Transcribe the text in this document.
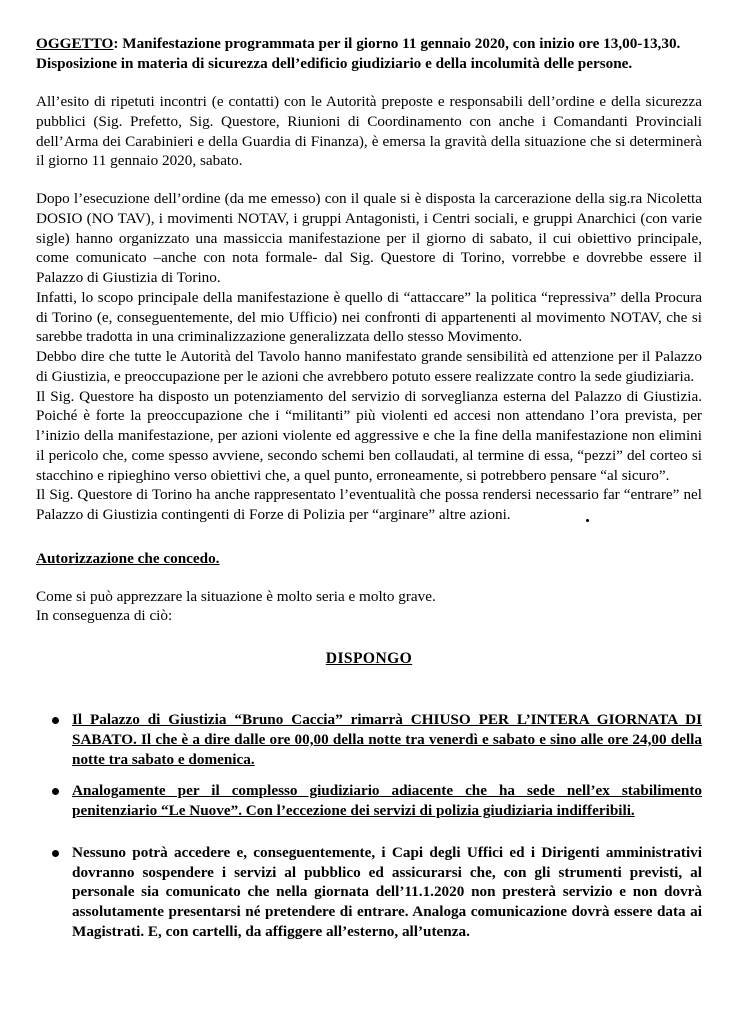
OGGETTO: Manifestazione programmata per il giorno 11 gennaio 2020, con inizio ore 13,00-13,30.
Disposizione in materia di sicurezza dell’edificio giudiziario e della incolumità delle persone.

All’esito di ripetuti incontri (e contatti) con le Autorità preposte e responsabili dell’ordine e della sicurezza pubblici (Sig. Prefetto, Sig. Questore, Riunioni di Coordinamento con anche i Comandanti Provinciali dell’Arma dei Carabinieri e della Guardia di Finanza), è emersa la gravità della situazione che si determinerà il giorno 11 gennaio 2020, sabato.

Dopo l’esecuzione dell’ordine (da me emesso) con il quale si è disposta la carcerazione della sig.ra Nicoletta DOSIO (NO TAV), i movimenti NOTAV, i gruppi Antagonisti, i Centri sociali, e gruppi Anarchici (con varie sigle) hanno organizzato una massiccia manifestazione per il giorno di sabato, il cui obiettivo principale, come comunicato –anche con nota formale- dal Sig. Questore di Torino, vorrebbe e dovrebbe essere il Palazzo di Giustizia di Torino.

Infatti, lo scopo principale della manifestazione è quello di “attaccare” la politica “repressiva” della Procura di Torino (e, conseguentemente, del mio Ufficio) nei confronti di appartenenti al movimento NOTAV, che si sarebbe tradotta in una criminalizzazione generalizzata dello stesso Movimento.

Debbo dire che tutte le Autorità del Tavolo hanno manifestato grande sensibilità ed attenzione per il Palazzo di Giustizia, e preoccupazione per le azioni che avrebbero potuto essere realizzate contro la sede giudiziaria.

Il Sig. Questore ha disposto un potenziamento del servizio di sorveglianza esterna del Palazzo di Giustizia. Poiché è forte la preoccupazione che i “militanti” più violenti ed accesi non attendano l’ora prevista, per l’inizio della manifestazione, per azioni violente ed aggressive e che la fine della manifestazione non elimini il pericolo che, come spesso avviene, secondo schemi ben collaudati, al termine di essa, “pezzi” del corteo si stacchino e ripieghino verso obiettivi che, a quel punto, erroneamente, si potrebbero pensare “al sicuro”.

Il Sig. Questore di Torino ha anche rappresentato l’eventualità che possa rendersi necessario far “entrare” nel Palazzo di Giustizia contingenti di Forze di Polizia per “arginare” altre azioni.

Autorizzazione che concedo.

Come si può apprezzare la situazione è molto seria e molto grave.

In conseguenza di ciò:

DISPONGO
Il Palazzo di Giustizia “Bruno Caccia” rimarrà CHIUSO PER L’INTERA GIORNATA DI SABATO. Il che è a dire dalle ore 00,00 della notte tra venerdì e sabato e sino alle ore 24,00 della notte tra sabato e domenica.
Analogamente per il complesso giudiziario adiacente che ha sede nell’ex stabilimento penitenziario “Le Nuove”. Con l’eccezione dei servizi di polizia giudiziaria indifferibili.
Nessuno potrà accedere e, conseguentemente, i Capi degli Uffici ed i Dirigenti amministrativi dovranno sospendere i servizi al pubblico ed assicurarsi che, con gli strumenti previsti, al personale sia comunicato che nella giornata dell’11.1.2020 non presterà servizio e non dovrà assolutamente presentarsi né pretendere di entrare. Analoga comunicazione dovrà essere data ai Magistrati. E, con cartelli, da affiggere all’esterno, all’utenza.
